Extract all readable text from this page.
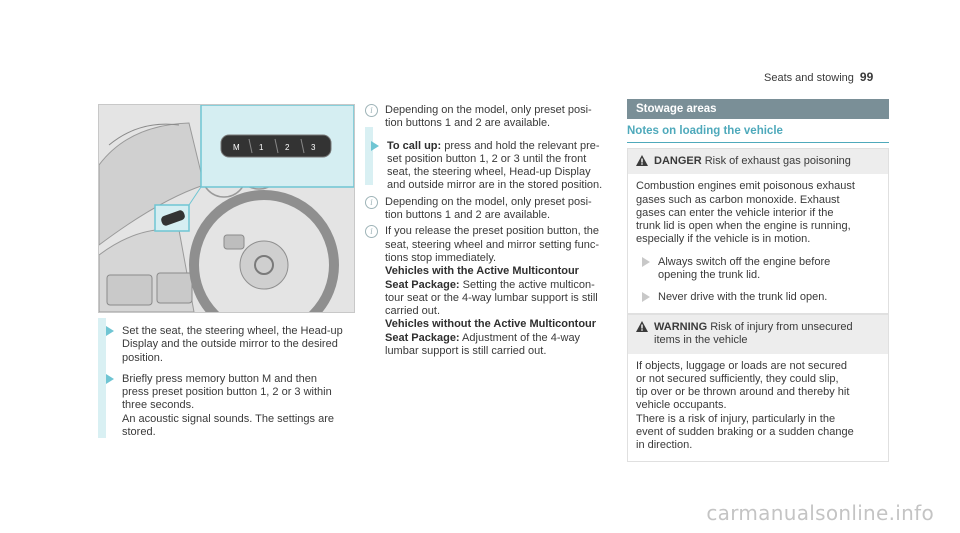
Seats and stowing 99
M 1	2	3
Set the seat, the steering wheel, the Head-up
Display and the outside mirror to the desired
position.
Briefly press memory button M and then
press preset position button 1, 2 or 3 within
three seconds.
An acoustic signal sounds. The settings are
stored.
i	Depending on the model, only preset posi-
tion buttons 1 and 2 are available.
To call up: press and hold the relevant pre-
set position button 1, 2 or 3 until the front
seat, the steering wheel, Head-up Display
and outside mirror are in the stored position.
i	Depending on the model, only preset posi-
tion buttons 1 and 2 are available.
i	If you release the preset position button, the
seat, steering wheel and mirror setting func-
tions stop immediately.
Vehicles with the Active Multicontour
Seat Package: Setting the active multicon-
tour seat or the 4-way lumbar support is still
carried out.
Vehicles without the Active Multicontour
Seat Package: Adjustment of the 4-way
lumbar support is still carried out.
Stowage areas
Notes on loading the vehicle
DANGER Risk of exhaust gas poisoning
Combustion engines emit poisonous exhaust
gases such as carbon monoxide. Exhaust
gases can enter the vehicle interior if the
trunk lid is open when the engine is running,
especially if the vehicle is in motion.
Always switch off the engine before
opening the trunk lid.
Never drive with the trunk lid open.
WARNING Risk of injury from unsecured
items in the vehicle
If objects, luggage or loads are not secured
or not secured sufficiently, they could slip,
tip over or be thrown around and thereby hit
vehicle occupants.
There is a risk of injury, particularly in the
event of sudden braking or a sudden change
in direction.
carmanualsonline.info
